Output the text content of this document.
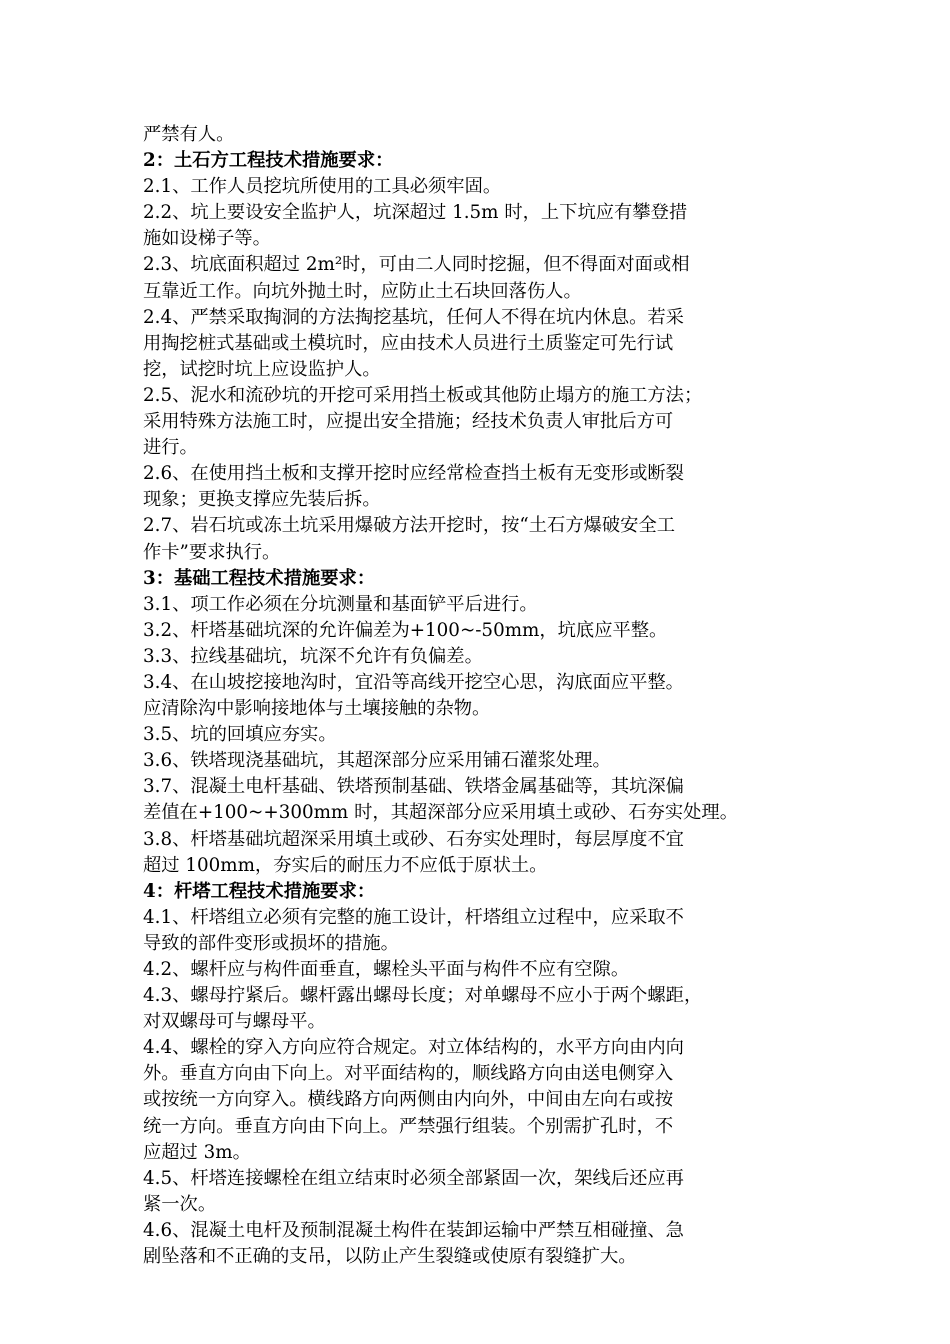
严禁有人。
2：土石方工程技术措施要求：
2.1、工作人员挖坑所使用的工具必须牢固。
2.2、坑上要设安全监护人，坑深超过 1.5m 时，上下坑应有攀登措
施如设梯子等。
2.3、坑底面积超过 2m²时，可由二人同时挖掘，但不得面对面或相
互靠近工作。向坑外抛土时，应防止土石块回落伤人。
2.4、严禁采取掏洞的方法掏挖基坑，任何人不得在坑内休息。若采
用掏挖桩式基础或土模坑时，应由技术人员进行土质鉴定可先行试
挖，试挖时坑上应设监护人。
2.5、泥水和流砂坑的开挖可采用挡土板或其他防止塌方的施工方法；
采用特殊方法施工时，应提出安全措施；经技术负责人审批后方可
进行。
2.6、在使用挡土板和支撑开挖时应经常检查挡土板有无变形或断裂
现象；更换支撑应先装后拆。
2.7、岩石坑或冻土坑采用爆破方法开挖时，按“土石方爆破安全工
作卡”要求执行。
3：基础工程技术措施要求：
3.1、项工作必须在分坑测量和基面铲平后进行。
3.2、杆塔基础坑深的允许偏差为+100~-50mm，坑底应平整。
3.3、拉线基础坑，坑深不允许有负偏差。
3.4、在山坡挖接地沟时，宜沿等高线开挖空心思，沟底面应平整。
应清除沟中影响接地体与土壤接触的杂物。
3.5、坑的回填应夯实。
3.6、铁塔现浇基础坑，其超深部分应采用铺石灌浆处理。
3.7、混凝土电杆基础、铁塔预制基础、铁塔金属基础等，其坑深偏
差值在+100~+300mm 时，其超深部分应采用填土或砂、石夯实处理。
3.8、杆塔基础坑超深采用填土或砂、石夯实处理时，每层厚度不宜
超过 100mm，夯实后的耐压力不应低于原状土。
4：杆塔工程技术措施要求：
4.1、杆塔组立必须有完整的施工设计，杆塔组立过程中，应采取不
导致的部件变形或损坏的措施。
4.2、螺杆应与构件面垂直，螺栓头平面与构件不应有空隙。
4.3、螺母拧紧后。螺杆露出螺母长度；对单螺母不应小于两个螺距，
对双螺母可与螺母平。
4.4、螺栓的穿入方向应符合规定。对立体结构的，水平方向由内向
外。垂直方向由下向上。对平面结构的，顺线路方向由送电侧穿入
或按统一方向穿入。横线路方向两侧由内向外，中间由左向右或按
统一方向。垂直方向由下向上。严禁强行组装。个别需扩孔时，不
应超过 3m。
4.5、杆塔连接螺栓在组立结束时必须全部紧固一次，架线后还应再
紧一次。
4.6、混凝土电杆及预制混凝土构件在装卸运输中严禁互相碰撞、急
剧坠落和不正确的支吊，以防止产生裂缝或使原有裂缝扩大。
